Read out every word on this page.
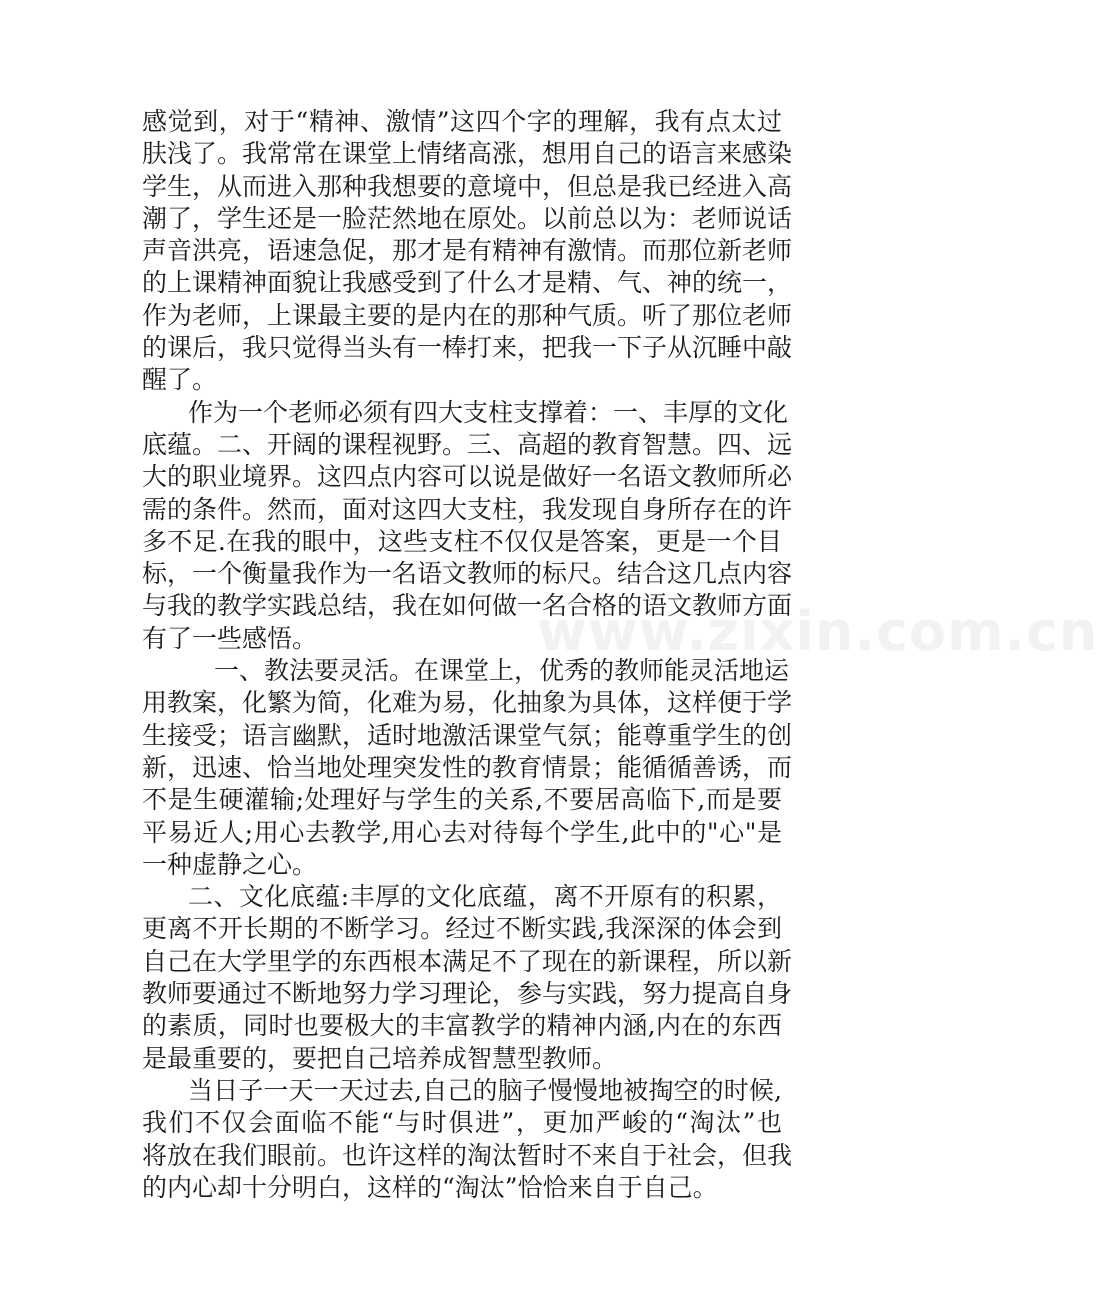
www.zixin.com.cn
感觉到，对于“精神、激情”这四个字的理解，我有点太过
肤浅了。我常常在课堂上情绪高涨，想用自己的语言来感染
学生，从而进入那种我想要的意境中，但总是我已经进入高
潮了，学生还是一脸茫然地在原处。以前总以为：老师说话
声音洪亮，语速急促，那才是有精神有激情。而那位新老师
的上课精神面貌让我感受到了什么才是精、气、神的统一，
作为老师，上课最主要的是内在的那种气质。听了那位老师
的课后，我只觉得当头有一棒打来，把我一下子从沉睡中敲
醒了。
作为一个老师必须有四大支柱支撑着：一、丰厚的文化
底蕴。二、开阔的课程视野。三、高超的教育智慧。四、远
大的职业境界。这四点内容可以说是做好一名语文教师所必
需的条件。然而，面对这四大支柱，我发现自身所存在的许
多不足.在我的眼中，这些支柱不仅仅是答案，更是一个目
标，一个衡量我作为一名语文教师的标尺。结合这几点内容
与我的教学实践总结，我在如何做一名合格的语文教师方面
有了一些感悟。
一、教法要灵活。在课堂上，优秀的教师能灵活地运
用教案，化繁为简，化难为易，化抽象为具体，这样便于学
生接受；语言幽默，适时地激活课堂气氛；能尊重学生的创
新，迅速、恰当地处理突发性的教育情景；能循循善诱，而
不是生硬灌输;处理好与学生的关系,不要居高临下,而是要
平易近人;用心去教学,用心去对待每个学生,此中的"心"是
一种虚静之心。
二、文化底蕴:丰厚的文化底蕴，离不开原有的积累，
更离不开长期的不断学习。经过不断实践,我深深的体会到
自己在大学里学的东西根本满足不了现在的新课程，所以新
教师要通过不断地努力学习理论，参与实践，努力提高自身
的素质，同时也要极大的丰富教学的精神内涵,内在的东西
是最重要的，要把自己培养成智慧型教师。
当日子一天一天过去,自己的脑子慢慢地被掏空的时候,
我们不仅会面临不能“与时俱进”，更加严峻的“淘汰”也
将放在我们眼前。也许这样的淘汰暂时不来自于社会，但我
的内心却十分明白，这样的“淘汰”恰恰来自于自己。
